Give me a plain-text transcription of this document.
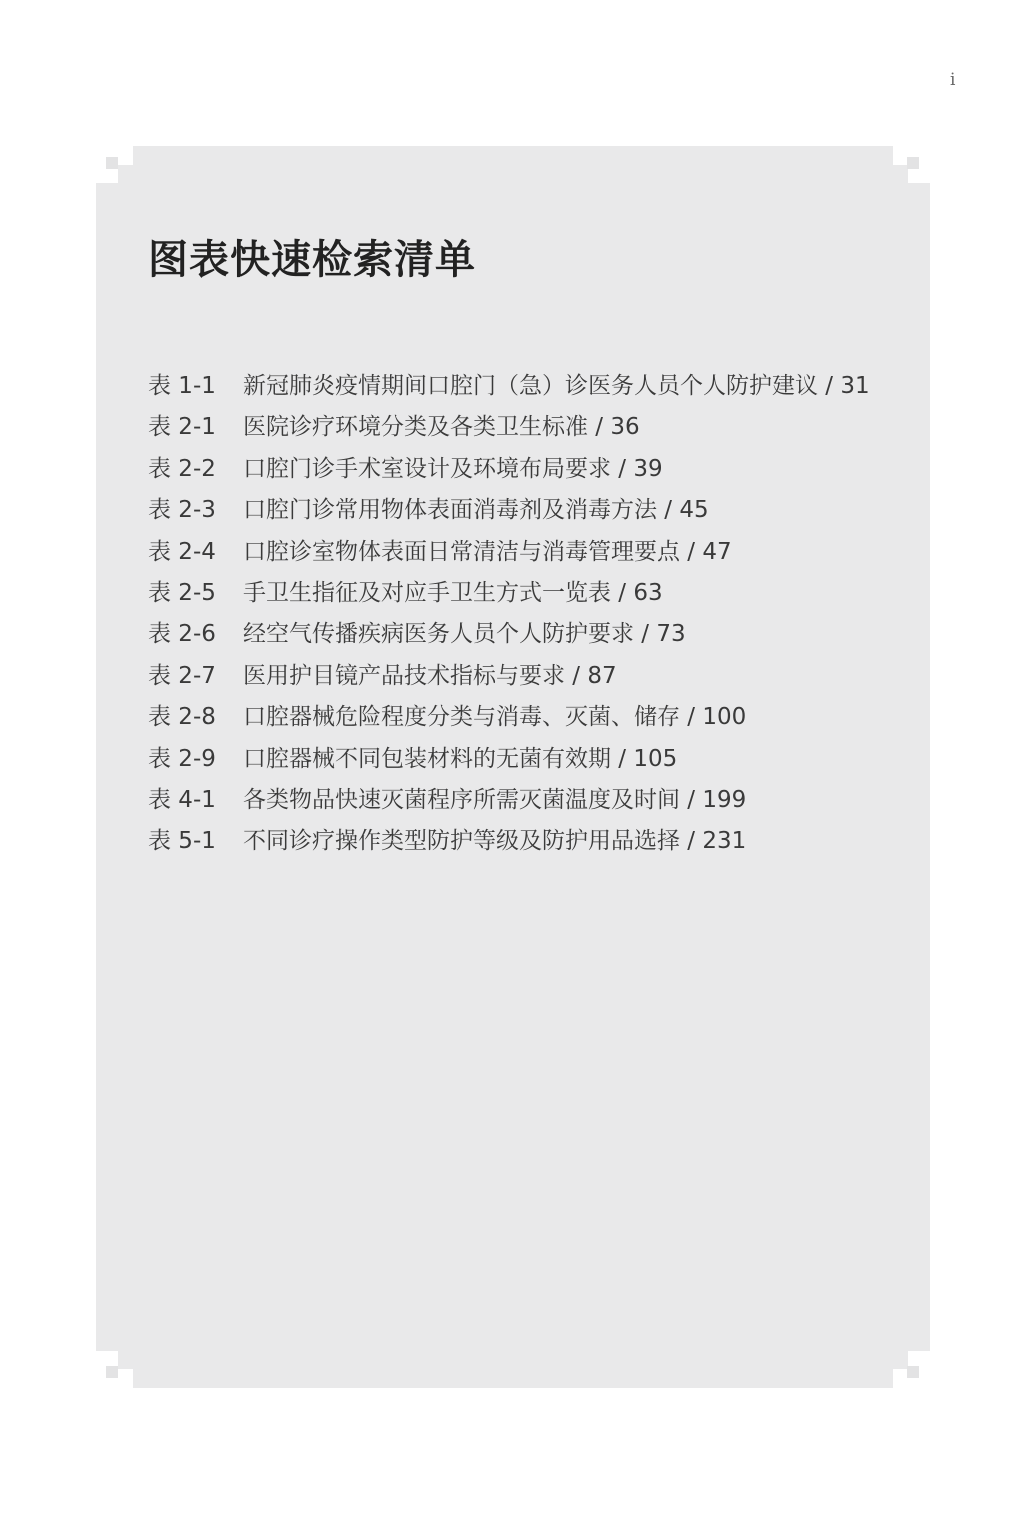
i
图表快速检索清单
表 1-1 新冠肺炎疫情期间口腔门（急）诊医务人员个人防护建议 / 31
表 2-1 医院诊疗环境分类及各类卫生标准 / 36
表 2-2 口腔门诊手术室设计及环境布局要求 / 39
表 2-3 口腔门诊常用物体表面消毒剂及消毒方法 / 45
表 2-4 口腔诊室物体表面日常清洁与消毒管理要点 / 47
表 2-5 手卫生指征及对应手卫生方式一览表 / 63
表 2-6 经空气传播疾病医务人员个人防护要求 / 73
表 2-7 医用护目镜产品技术指标与要求 / 87
表 2-8 口腔器械危险程度分类与消毒、灭菌、储存 / 100
表 2-9 口腔器械不同包装材料的无菌有效期 / 105
表 4-1 各类物品快速灭菌程序所需灭菌温度及时间 / 199
表 5-1 不同诊疗操作类型防护等级及防护用品选择 / 231
